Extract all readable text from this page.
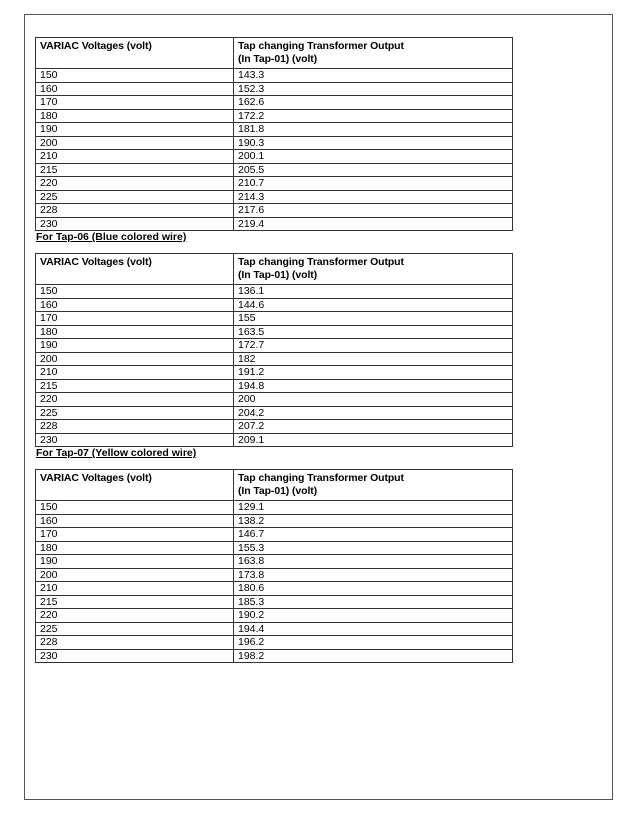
VARIAC Voltages (volt)	Tap changing Transformer Output
(In Tap-01) (volt)

150	143.3
160	152.3
170	162.6
180	172.2
190	181.8
200	190.3
210	200.1
215	205.5
220	210.7
225	214.3
228	217.6
230	219.4
For Tap-06 (Blue colored wire)
VARIAC Voltages (volt)	Tap changing Transformer Output
(In Tap-01) (volt)

150	136.1
160	144.6
170	155
180	163.5
190	172.7
200	182
210	191.2
215	194.8
220	200
225	204.2
228	207.2
230	209.1
For Tap-07 (Yellow colored wire)
VARIAC Voltages (volt)	Tap changing Transformer Output
(In Tap-01) (volt)

150	129.1
160	138.2
170	146.7
180	155.3
190	163.8
200	173.8
210	180.6
215	185.3
220	190.2
225	194.4
228	196.2
230	198.2
